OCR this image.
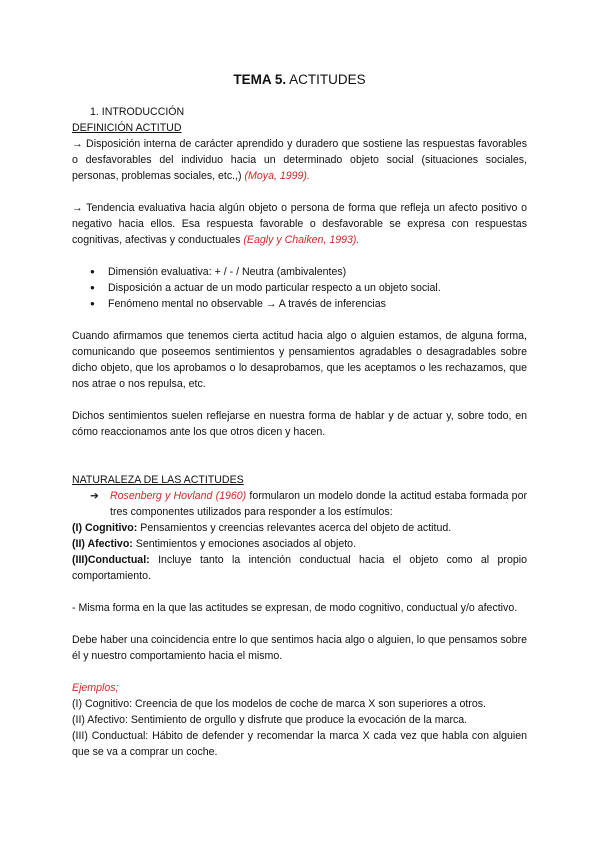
TEMA 5. ACTITUDES

1. INTRODUCCIÓN

DEFINICIÓN ACTITUD

→ Disposición interna de carácter aprendido y duradero que sostiene las respuestas favorables o desfavorables del individuo hacia un determinado objeto social (situaciones sociales, personas, problemas sociales, etc.,) (Moya, 1999).

→ Tendencia evaluativa hacia algún objeto o persona de forma que refleja un afecto positivo o negativo hacia ellos. Esa respuesta favorable o desfavorable se expresa con respuestas cognitivas, afectivas y conductuales (Eagly y Chaiken, 1993).

● Dimensión evaluativa: + / - / Neutra (ambivalentes)
● Disposición a actuar de un modo particular respecto a un objeto social.
● Fenómeno mental no observable → A través de inferencias

Cuando afirmamos que tenemos cierta actitud hacia algo o alguien estamos, de alguna forma, comunicando que poseemos sentimientos y pensamientos agradables o desagradables sobre dicho objeto, que los aprobamos o lo desaprobamos, que les aceptamos o les rechazamos, que nos atrae o nos repulsa, etc.

Dichos sentimientos suelen reflejarse en nuestra forma de hablar y de actuar y, sobre todo, en cómo reaccionamos ante los que otros dicen y hacen.

NATURALEZA DE LAS ACTITUDES

➔ Rosenberg y Hovland (1960) formularon un modelo donde la actitud estaba formada por tres componentes utilizados para responder a los estímulos:

(I) Cognitivo: Pensamientos y creencias relevantes acerca del objeto de actitud.

(II) Afectivo: Sentimientos y emociones asociados al objeto.

(III)Conductual: Incluye tanto la intención conductual hacia el objeto como al propio comportamiento.

- Misma forma en la que las actitudes se expresan, de modo cognitivo, conductual y/o afectivo.

Debe haber una coincidencia entre lo que sentimos hacia algo o alguien, lo que pensamos sobre él y nuestro comportamiento hacia el mismo.

Ejemplos;

(I) Cognitivo: Creencia de que los modelos de coche de marca X son superiores a otros.

(II) Afectivo: Sentimiento de orgullo y disfrute que produce la evocación de la marca.

(III) Conductual: Hábito de defender y recomendar la marca X cada vez que habla con alguien que se va a comprar un coche.
